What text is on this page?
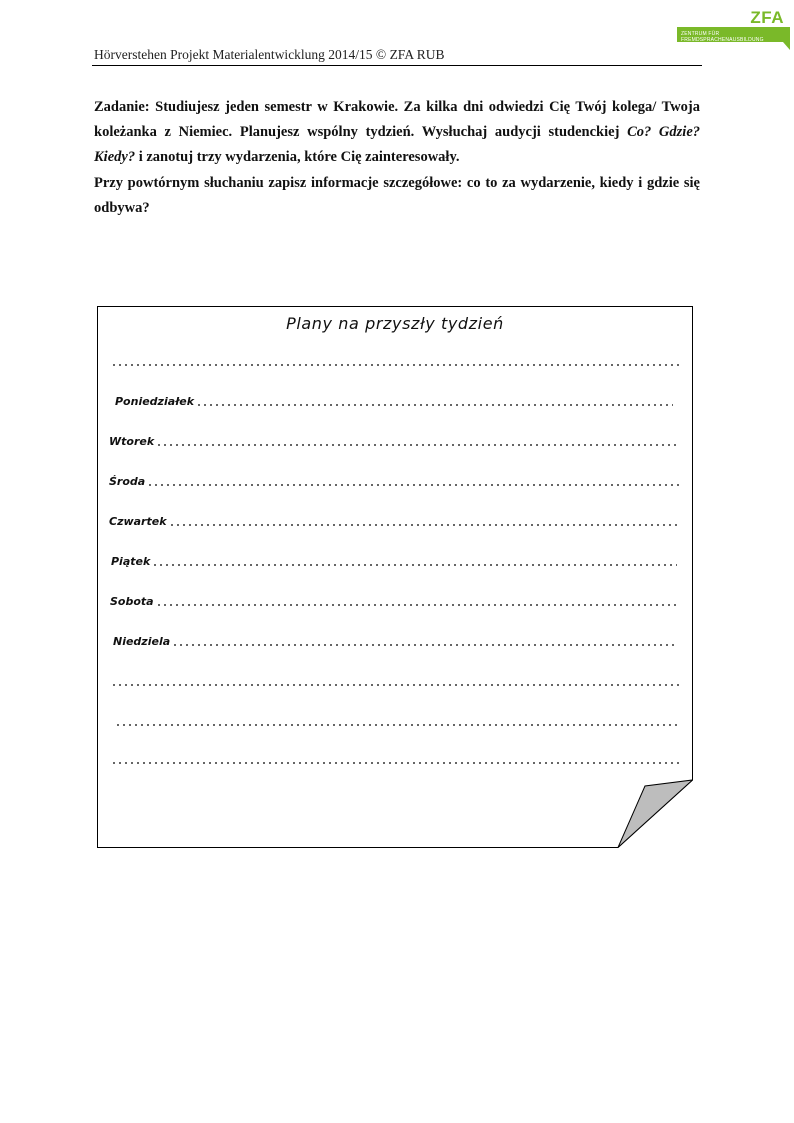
ZFA
ZENTRUM FÜR
FREMDSPRACHENAUSBILDUNG
Hörverstehen Projekt Materialentwicklung 2014/15 © ZFA RUB
Zadanie: Studiujesz jeden semestr w Krakowie. Za kilka dni odwiedzi Cię Twój kolega/ Twoja koleżanka z Niemiec. Planujesz wspólny tydzień. Wysłuchaj audycji studenckiej Co? Gdzie? Kiedy? i zanotuj trzy wydarzenia, które Cię zainteresowały.
Przy powtórnym słuchaniu zapisz informacje szczegółowe: co to za wydarzenie, kiedy i gdzie się odbywa?
Plany na przyszły tydzień
Poniedziałek
Wtorek
Środa
Czwartek
Piątek
Sobota
Niedziela
